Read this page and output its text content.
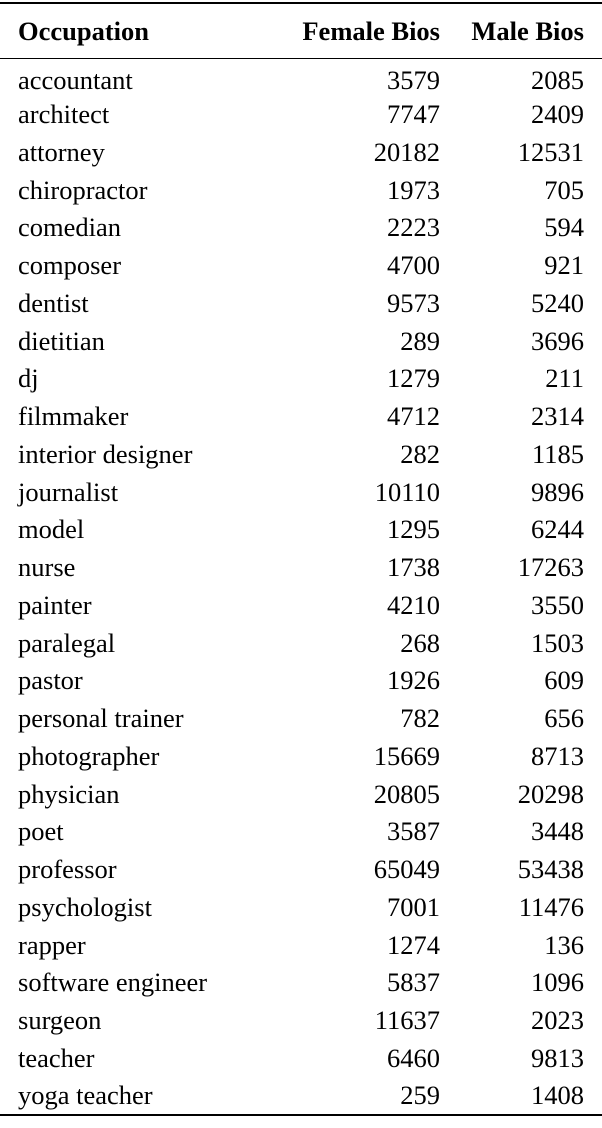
Occupation	Female Bios	Male Bios
accountant	3579	2085
architect	7747	2409
attorney	20182	12531
chiropractor	1973	705
comedian	2223	594
composer	4700	921
dentist	9573	5240
dietitian	289	3696
dj	1279	211
filmmaker	4712	2314
interior designer	282	1185
journalist	10110	9896
model	1295	6244
nurse	1738	17263
painter	4210	3550
paralegal	268	1503
pastor	1926	609
personal trainer	782	656
photographer	15669	8713
physician	20805	20298
poet	3587	3448
professor	65049	53438
psychologist	7001	11476
rapper	1274	136
software engineer	5837	1096
surgeon	11637	2023
teacher	6460	9813
yoga teacher	259	1408
